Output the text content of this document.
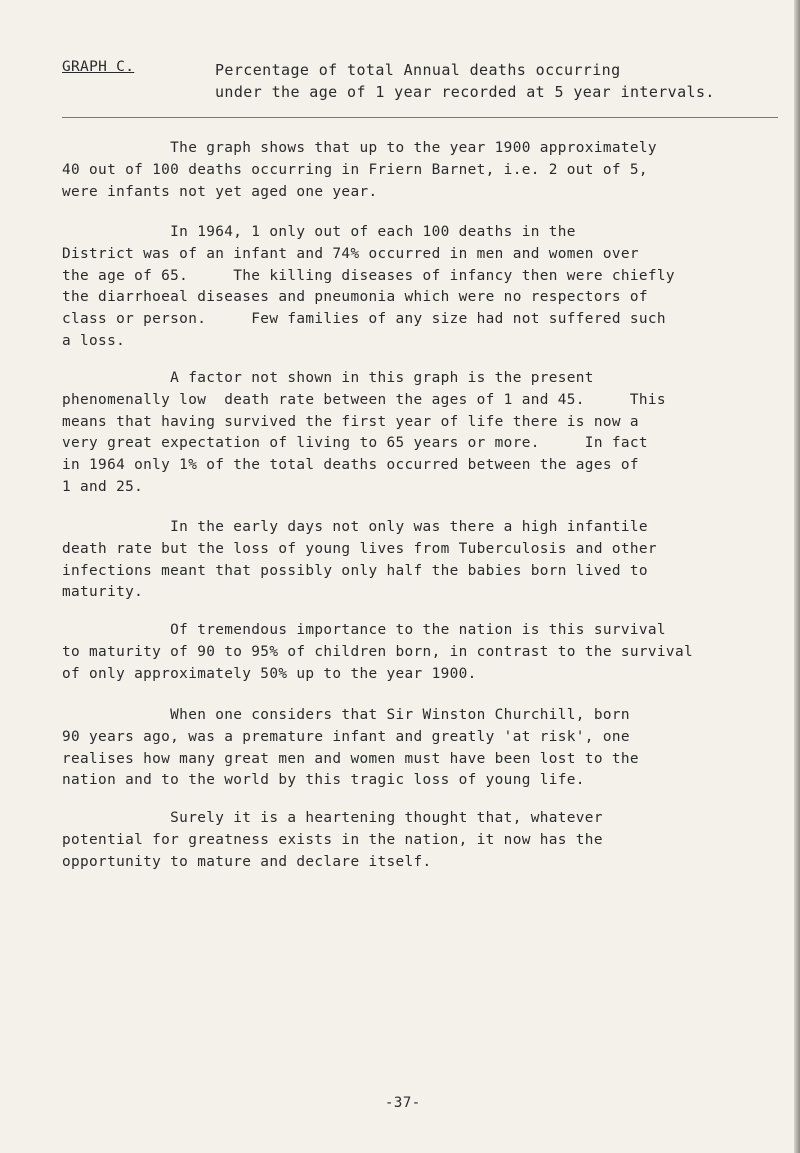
GRAPH C.	Percentage of total Annual deaths occurring
under the age of 1 year recorded at 5 year intervals.

The graph shows that up to the year 1900 approximately
40 out of 100 deaths occurring in Friern Barnet, i.e. 2 out of 5,
were infants not yet aged one year.

In 1964, 1 only out of each 100 deaths in the
District was of an infant and 74% occurred in men and women over
the age of 65.     The killing diseases of infancy then were chiefly
the diarrhoeal diseases and pneumonia which were no respectors of
class or person.     Few families of any size had not suffered such
a loss.

A factor not shown in this graph is the present
phenomenally low  death rate between the ages of 1 and 45.     This
means that having survived the first year of life there is now a
very great expectation of living to 65 years or more.     In fact
in 1964 only 1% of the total deaths occurred between the ages of
1 and 25.

In the early days not only was there a high infantile
death rate but the loss of young lives from Tuberculosis and other
infections meant that possibly only half the babies born lived to
maturity.

Of tremendous importance to the nation is this survival
to maturity of 90 to 95% of children born, in contrast to the survival
of only approximately 50% up to the year 1900.

When one considers that Sir Winston Churchill, born
90 years ago, was a premature infant and greatly 'at risk', one
realises how many great men and women must have been lost to the
nation and to the world by this tragic loss of young life.

Surely it is a heartening thought that, whatever
potential for greatness exists in the nation, it now has the
opportunity to mature and declare itself.

-37-
